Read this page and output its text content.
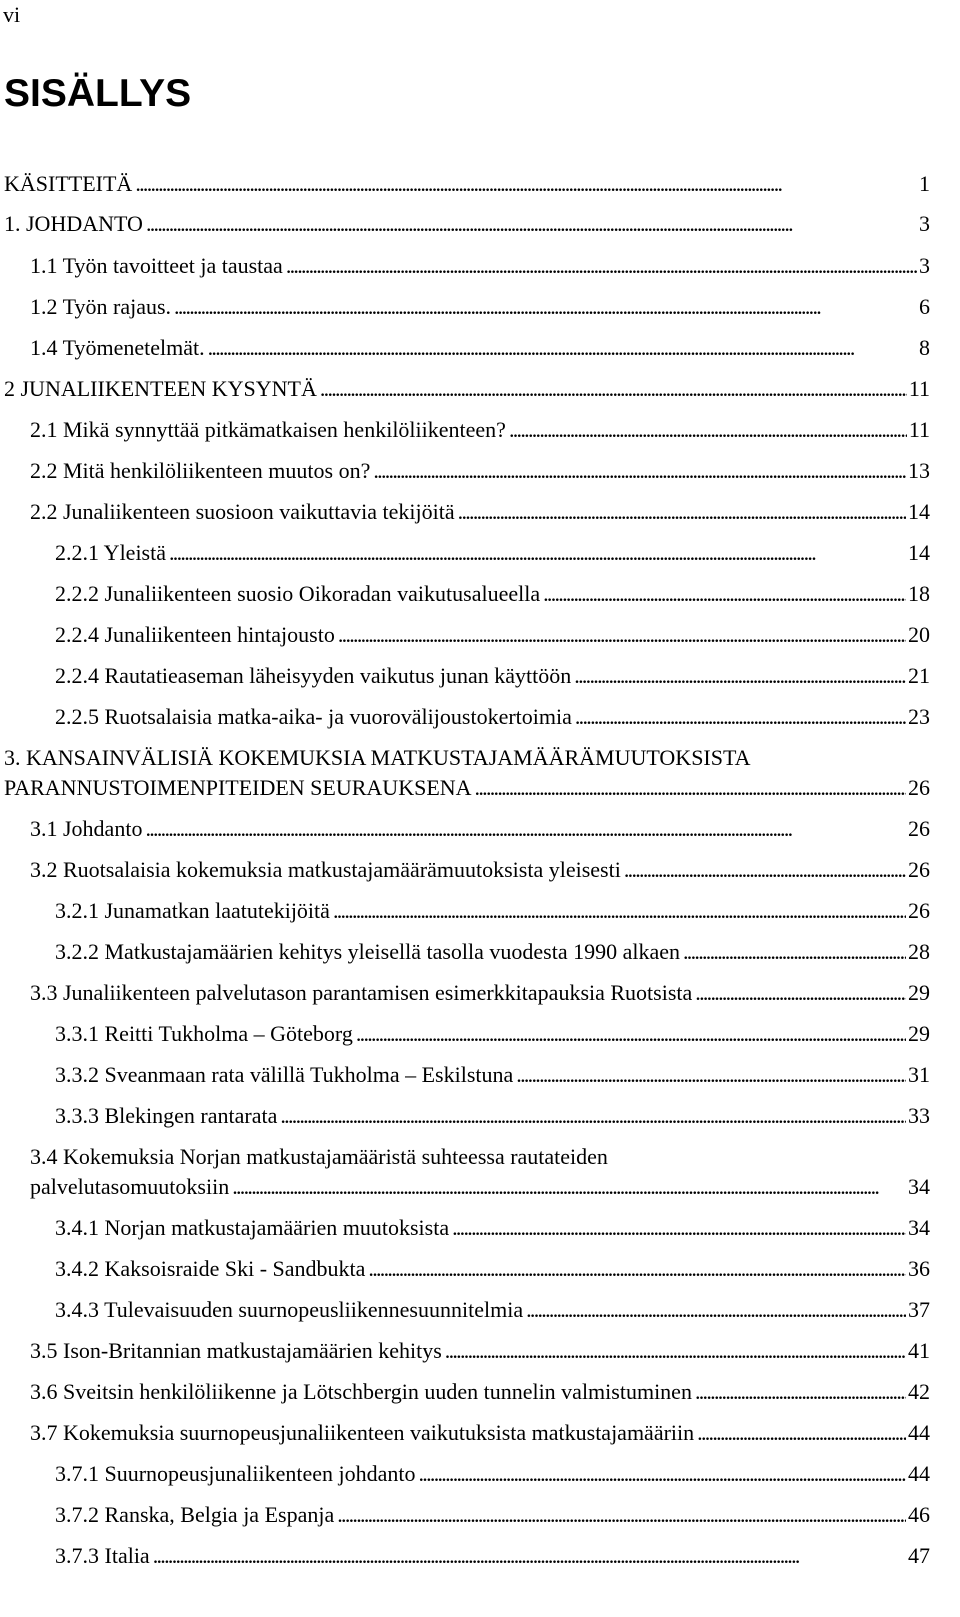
vi
SISÄLLYS
KÄSITTEITÄ . . .	1
1. JOHDANTO . . .	3
1.1 Työn tavoitteet ja taustaa . . .	3
1.2 Työn rajaus. . . .	6
1.4 Työmenetelmät. . . .	8
2 JUNALIIKENTEEN KYSYNTÄ . . .	11
2.1 Mikä synnyttää pitkämatkaisen henkilöliikenteen? . . .	11
2.2 Mitä henkilöliikenteen muutos on? . . .	13
2.2 Junaliikenteen suosioon vaikuttavia tekijöitä . . .	14
2.2.1 Yleistä . . .	14
2.2.2 Junaliikenteen suosio Oikoradan vaikutusalueella . . .	18
2.2.4 Junaliikenteen hintajousto . . .	20
2.2.4 Rautatieaseman läheisyyden vaikutus junan käyttöön . . .	21
2.2.5 Ruotsalaisia matka-aika- ja vuorovälijoustokertoimia . . .	23
3. KANSAINVÄLISIÄ KOKEMUKSIA MATKUSTAJAMÄÄRÄMUUTOKSISTA
PARANNUSTOIMENPITEIDEN SEURAUKSENA . . .	26
3.1 Johdanto . . .	26
3.2 Ruotsalaisia kokemuksia matkustajamäärämuutoksista yleisesti . . .	26
3.2.1 Junamatkan laatutekijöitä . . .	26
3.2.2 Matkustajamäärien kehitys yleisellä tasolla vuodesta 1990 alkaen . . .	28
3.3 Junaliikenteen palvelutason parantamisen esimerkkitapauksia Ruotsista . . .	29
3.3.1 Reitti Tukholma – Göteborg . . .	29
3.3.2 Sveanmaan rata välillä Tukholma – Eskilstuna . . .	31
3.3.3 Blekingen rantarata . . .	33
3.4 Kokemuksia Norjan matkustajamääristä suhteessa rautateiden
palvelutasomuutoksiin . . .	34
3.4.1 Norjan matkustajamäärien muutoksista . . .	34
3.4.2 Kaksoisraide Ski - Sandbukta . . .	36
3.4.3 Tulevaisuuden suurnopeusliikennesuunnitelmia . . .	37
3.5 Ison-Britannian matkustajamäärien kehitys . . .	41
3.6 Sveitsin henkilöliikenne ja Lötschbergin uuden tunnelin valmistuminen . . .	42
3.7 Kokemuksia suurnopeusjunaliikenteen vaikutuksista matkustajamääriin . . .	44
3.7.1 Suurnopeusjunaliikenteen johdanto . . .	44
3.7.2 Ranska, Belgia ja Espanja . . .	46
3.7.3 Italia . . .	47
